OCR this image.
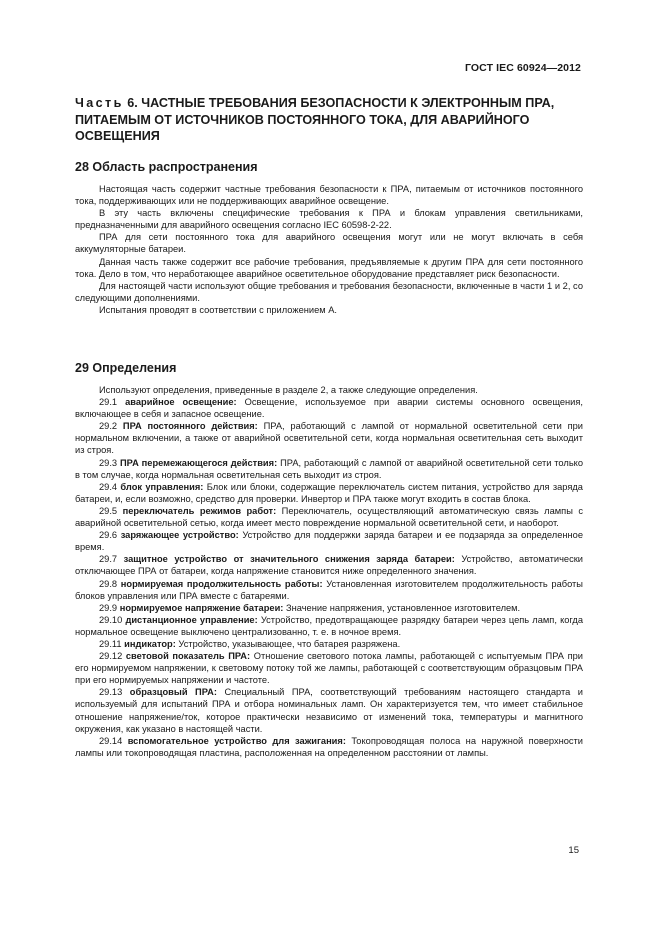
ГОСТ IEC 60924—2012
Часть 6. ЧАСТНЫЕ ТРЕБОВАНИЯ БЕЗОПАСНОСТИ К ЭЛЕКТРОННЫМ ПРА,
ПИТАЕМЫМ ОТ ИСТОЧНИКОВ ПОСТОЯННОГО ТОКА, ДЛЯ АВАРИЙНОГО
ОСВЕЩЕНИЯ
28 Область распространения

Настоящая часть содержит частные требования безопасности к ПРА, питаемым от источников постоянного тока, поддерживающих или не поддерживающих аварийное освещение.

В эту часть включены специфические требования к ПРА и блокам управления светильниками, предназначенными для аварийного освещения согласно IEC 60598-2-22.

ПРА для сети постоянного тока для аварийного освещения могут или не могут включать в себя аккумуляторные батареи.

Данная часть также содержит все рабочие требования, предъявляемые к другим ПРА для сети постоянного тока. Дело в том, что неработающее аварийное осветительное оборудование представляет риск безопасности.

Для настоящей части используют общие требования и требования безопасности, включенные в части 1 и 2, со следующими дополнениями.

Испытания проводят в соответствии с приложением А.

29 Определения

Используют определения, приведенные в разделе 2, а также следующие определения.

29.1 аварийное освещение: Освещение, используемое при аварии системы основного освещения, включающее в себя и запасное освещение.

29.2 ПРА постоянного действия: ПРА, работающий с лампой от нормальной осветительной сети при нормальном включении, а также от аварийной осветительной сети, когда нормальная осветительная сеть выходит из строя.

29.3 ПРА перемежающегося действия: ПРА, работающий с лампой от аварийной осветительной сети только в том случае, когда нормальная осветительная сеть выходит из строя.

29.4 блок управления: Блок или блоки, содержащие переключатель систем питания, устройство для заряда батареи, и, если возможно, средство для проверки. Инвертор и ПРА также могут входить в состав блока.

29.5 переключатель режимов работ: Переключатель, осуществляющий автоматическую связь лампы с аварийной осветительной сетью, когда имеет место повреждение нормальной осветительной сети, и наоборот.

29.6 заряжающее устройство: Устройство для поддержки заряда батареи и ее подзаряда за определенное время.

29.7 защитное устройство от значительного снижения заряда батареи: Устройство, автоматически отключающее ПРА от батареи, когда напряжение становится ниже определенного значения.

29.8 нормируемая продолжительность работы: Установленная изготовителем продолжительность работы блоков управления или ПРА вместе с батареями.

29.9 нормируемое напряжение батареи: Значение напряжения, установленное изготовителем.

29.10 дистанционное управление: Устройство, предотвращающее разрядку батареи через цепь ламп, когда нормальное освещение выключено централизованно, т. е. в ночное время.

29.11 индикатор: Устройство, указывающее, что батарея разряжена.

29.12 световой показатель ПРА: Отношение светового потока лампы, работающей с испытуемым ПРА при его нормируемом напряжении, к световому потоку той же лампы, работающей с соответствующим образцовым ПРА при его нормируемых напряжении и частоте.

29.13 образцовый ПРА: Специальный ПРА, соответствующий требованиям настоящего стандарта и используемый для испытаний ПРА и отбора номинальных ламп. Он характеризуется тем, что имеет стабильное отношение напряжение/ток, которое практически независимо от изменений тока, температуры и магнитного окружения, как указано в настоящей части.

29.14 вспомогательное устройство для зажигания: Токопроводящая полоса на наружной поверхности лампы или токопроводящая пластина, расположенная на определенном расстоянии от лампы.

15
